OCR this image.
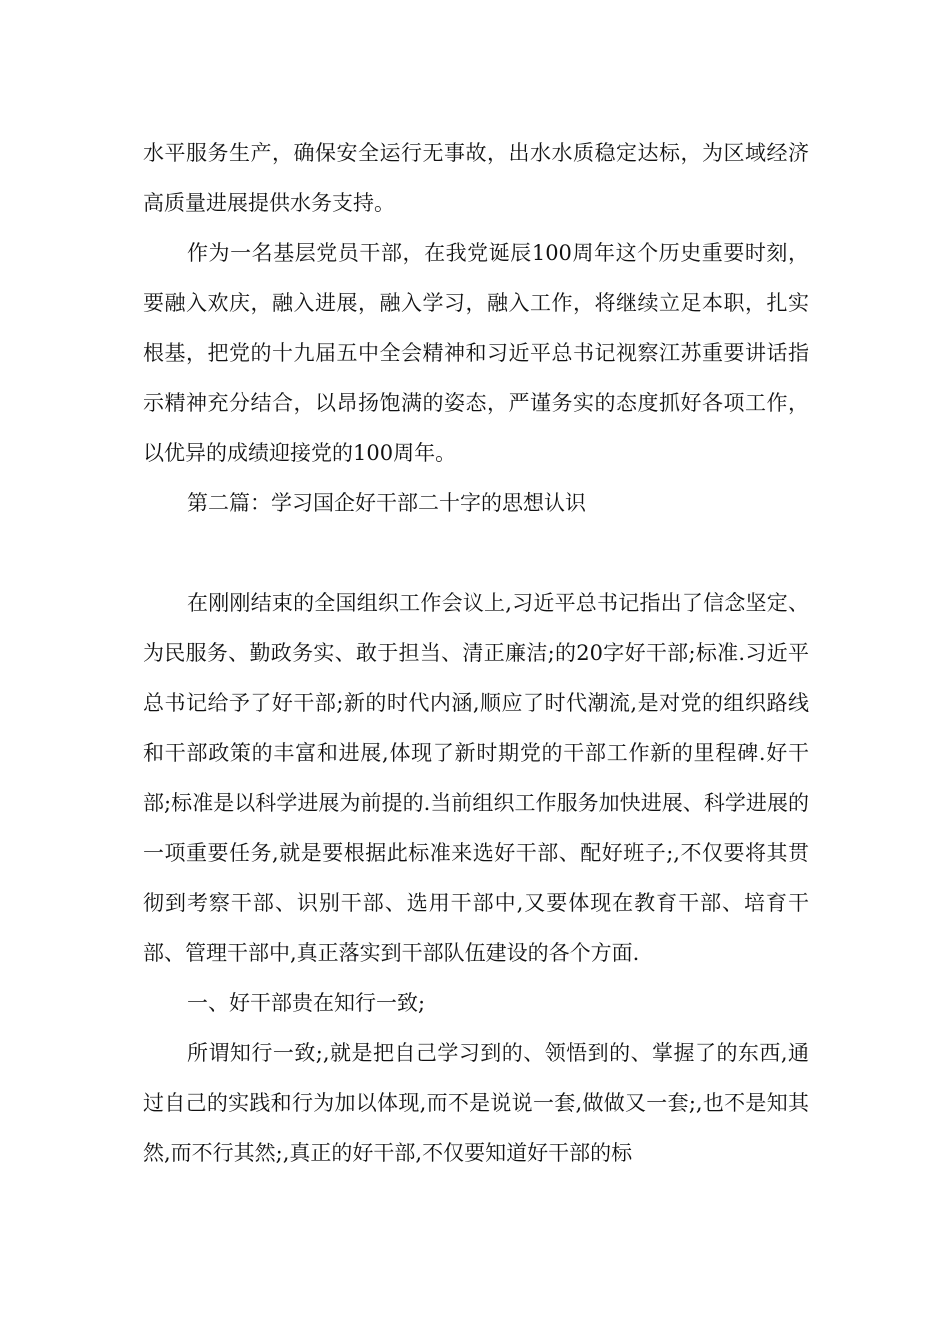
水平服务生产，确保安全运行无事故，出水水质稳定达标，为区域经济高质量进展提供水务支持。

作为一名基层党员干部，在我党诞辰100周年这个历史重要时刻，要融入欢庆，融入进展，融入学习，融入工作，将继续立足本职，扎实根基，把党的十九届五中全会精神和习近平总书记视察江苏重要讲话指示精神充分结合，以昂扬饱满的姿态，严谨务实的态度抓好各项工作，以优异的成绩迎接党的100周年。

第二篇：学习国企好干部二十字的思想认识

在刚刚结束的全国组织工作会议上,习近平总书记指出了信念坚定、为民服务、勤政务实、敢于担当、清正廉洁;的20字好干部;标准.习近平总书记给予了好干部;新的时代内涵,顺应了时代潮流,是对党的组织路线和干部政策的丰富和进展,体现了新时期党的干部工作新的里程碑.好干部;标准是以科学进展为前提的.当前组织工作服务加快进展、科学进展的一项重要任务,就是要根据此标准来选好干部、配好班子;,不仅要将其贯彻到考察干部、识别干部、选用干部中,又要体现在教育干部、培育干部、管理干部中,真正落实到干部队伍建设的各个方面.

一、好干部贵在知行一致;

所谓知行一致;,就是把自己学习到的、领悟到的、掌握了的东西,通过自己的实践和行为加以体现,而不是说说一套,做做又一套;,也不是知其然,而不行其然;,真正的好干部,不仅要知道好干部的标
